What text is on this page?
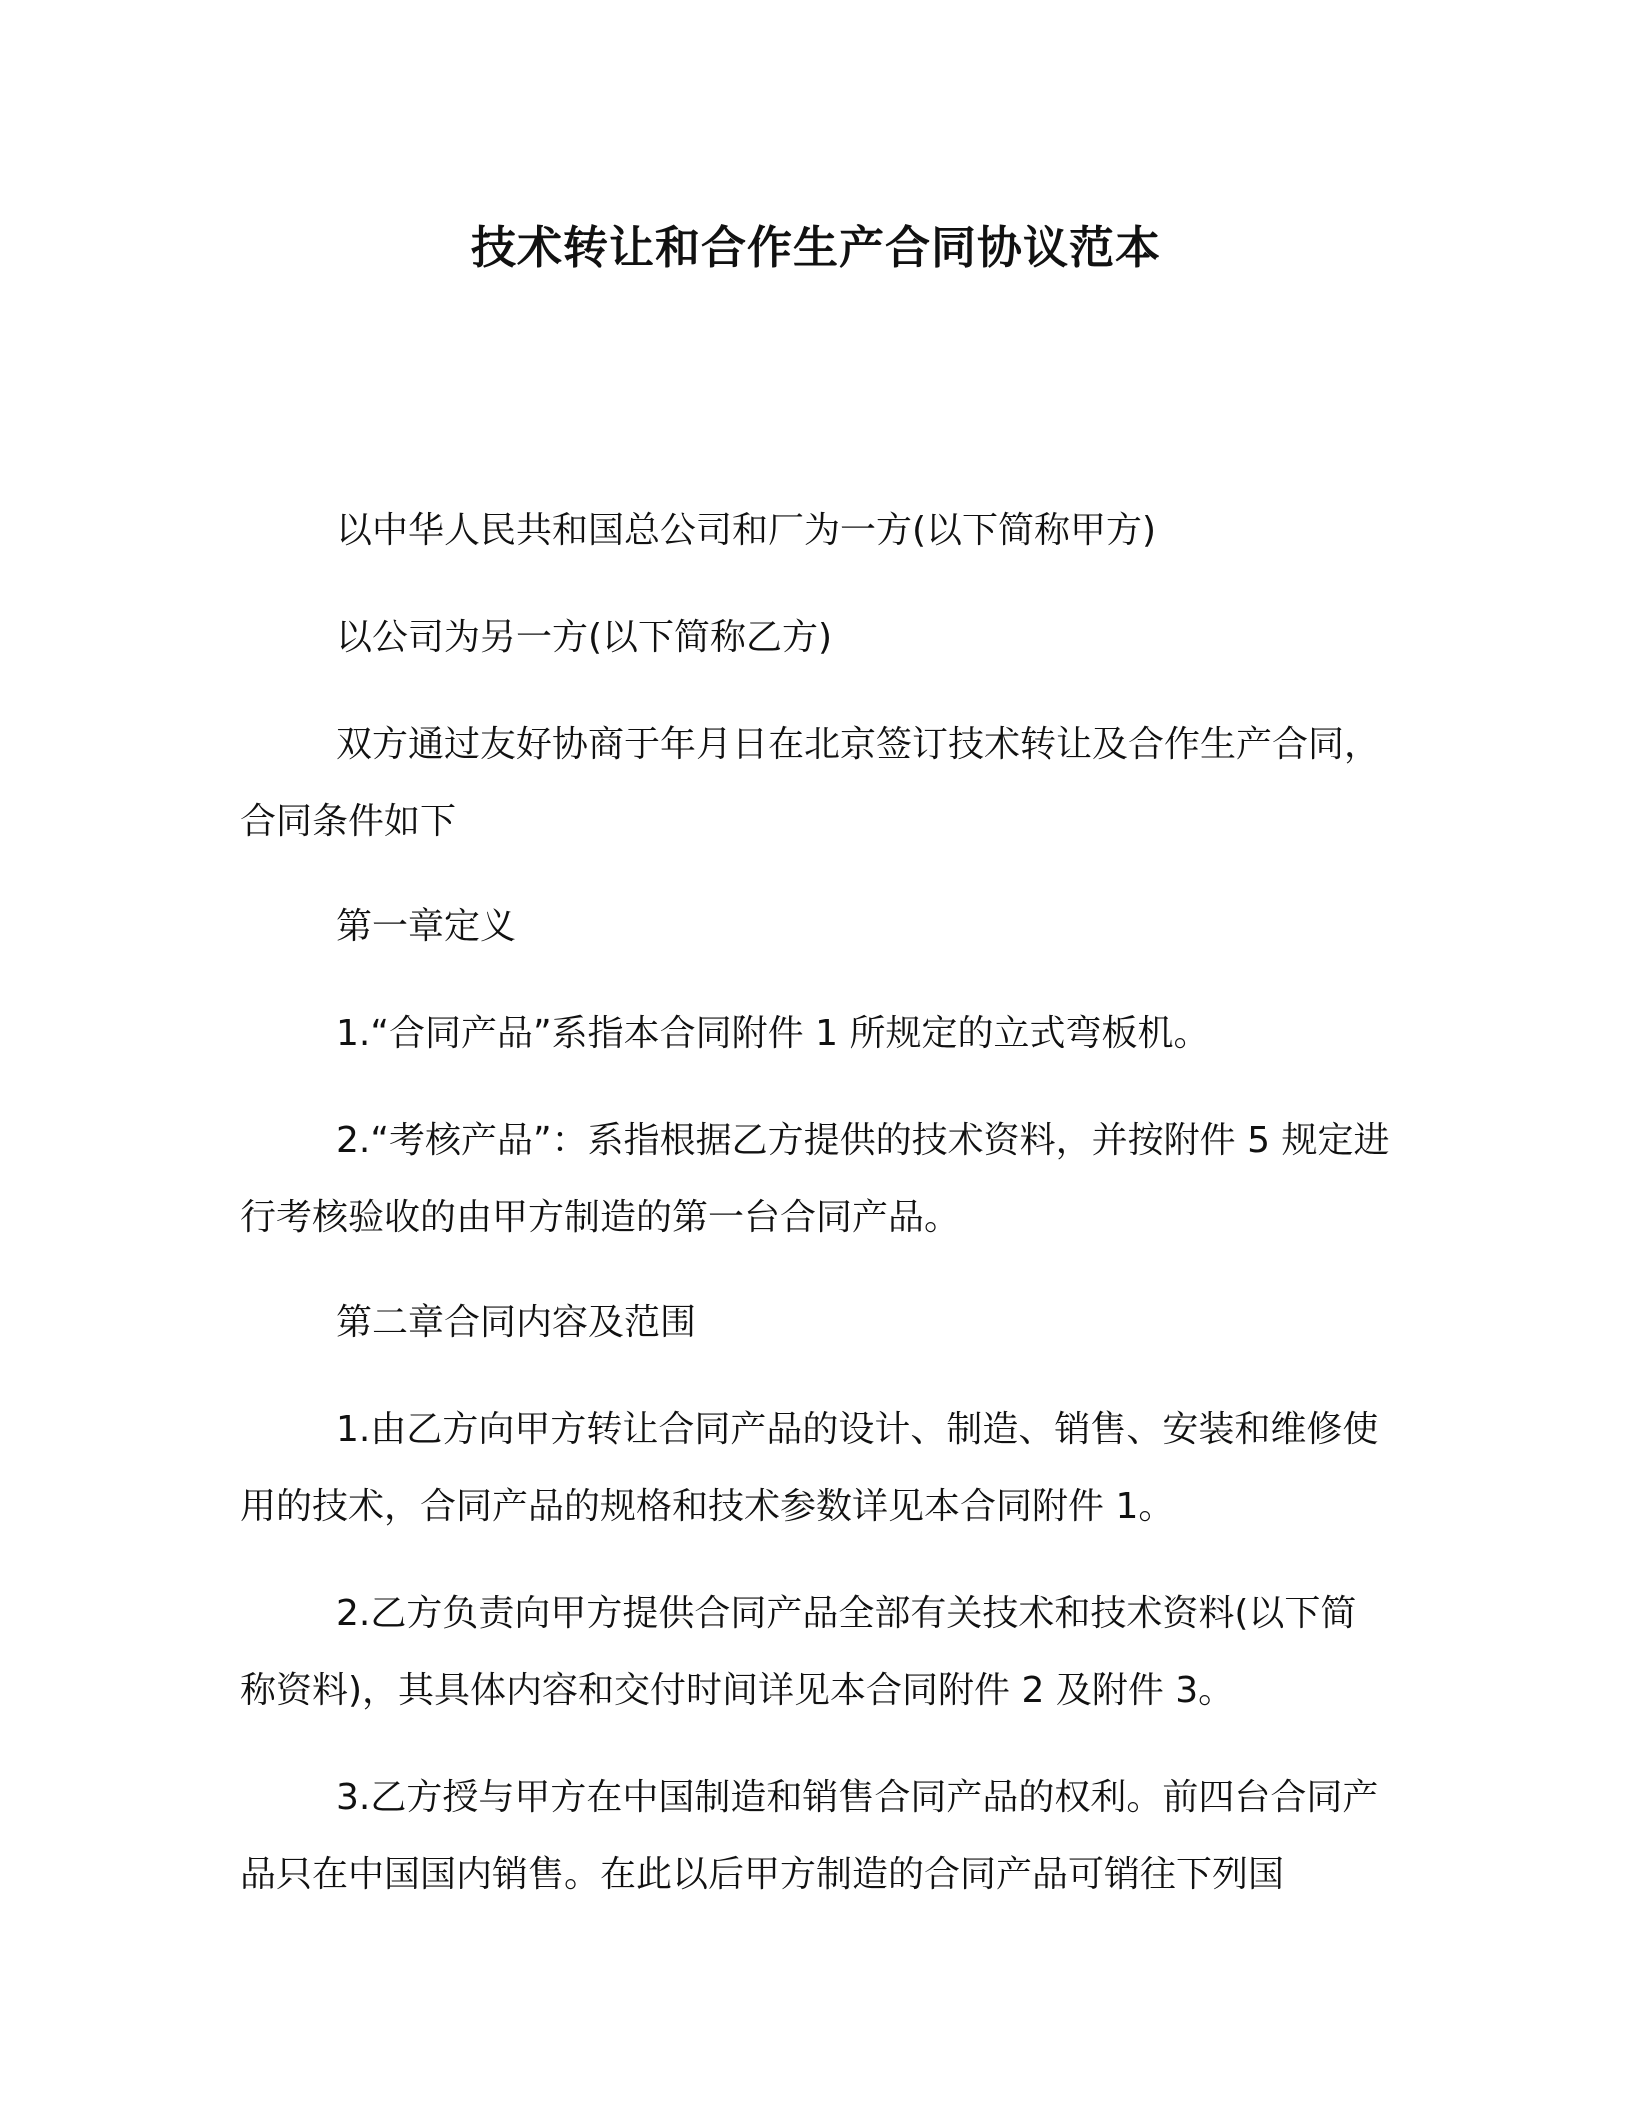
技术转让和合作生产合同协议范本

以中华人民共和国总公司和厂为一方(以下简称甲方)

以公司为另一方(以下简称乙方)

双方通过友好协商于年月日在北京签订技术转让及合作生产合同，合同条件如下

第一章定义

1.“合同产品”系指本合同附件 1 所规定的立式弯板机。

2.“考核产品”：系指根据乙方提供的技术资料，并按附件 5 规定进行考核验收的由甲方制造的第一台合同产品。

第二章合同内容及范围

1.由乙方向甲方转让合同产品的设计、制造、销售、安装和维修使用的技术，合同产品的规格和技术参数详见本合同附件 1。

2.乙方负责向甲方提供合同产品全部有关技术和技术资料(以下简称资料)，其具体内容和交付时间详见本合同附件 2 及附件 3。

3.乙方授与甲方在中国制造和销售合同产品的权利。前四台合同产品只在中国国内销售。在此以后甲方制造的合同产品可销往下列国
